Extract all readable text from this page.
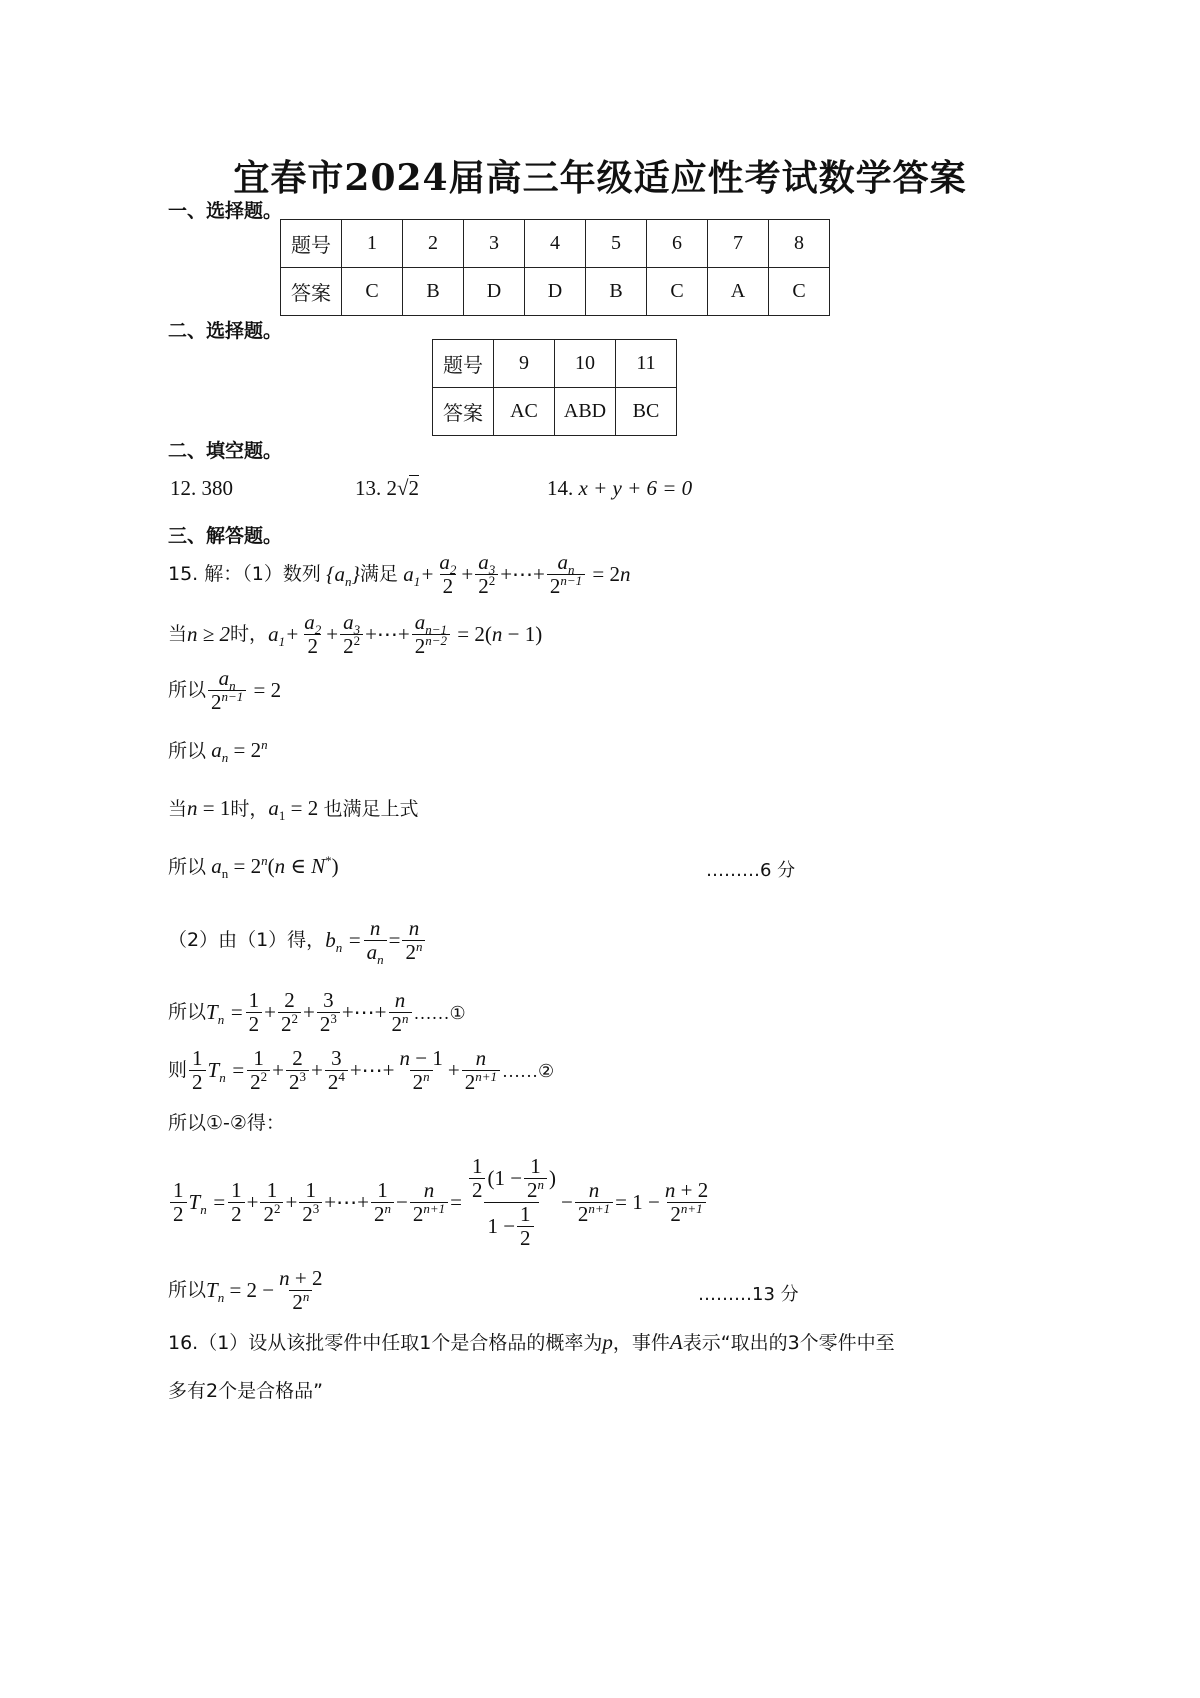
宜春市2024届高三年级适应性考试数学答案
一、选择题。
题号	1	2	3	4	5	6	7	8
答案	C	B	D	D	B	C	A	C
二、选择题。
题号	9	10	11
答案	AC	ABD	BC
二、填空题。
12. 380	13. 2√2	14. x + y + 6 = 0
三、解答题。
15. 解：（1）数列 $\{a_n\}$ 满足 $a_1+ \frac{a_2}{2} + \frac{a_3}{2^2}$ +⋯+ $\frac{a_n}{2^{n-1}} = 2n$
当 n ≥ 2 时， $a_1+ \frac{a_2}{2} + \frac{a_3}{2^2}$ +⋯+ $\frac{a_{n-1}}{2^{n-2}} = 2(n - 1)$
所以 $\frac{a_n}{2^{n-1}} = 2$
所以 $a_n = 2^n$
当n = 1时，$a_1 = 2$ 也满足上式
所以 $a_n = 2^n(n$ ∈ N*)	………6 分
（2）由（1）得， $b_n = \frac{n}{a_n} = \frac{n}{2^n}$
所以 $T_n = \frac{1}{2} + \frac{2}{2^2} + \frac{3}{2^3}$ +⋯+ $\frac{n}{2^n}$ ……①
则 $\frac{1}{2} T_n = \frac{1}{2^2} + \frac{2}{2^3} + \frac{3}{2^4}$ +⋯+ $\frac{n - 1}{2^n} + \frac{n}{2^{n+1}}$ ……②
所以①-②得：
$\frac{1}{2} T_n = \frac{1}{2} + \frac{1}{2^2} + \frac{1}{2^3}$ +⋯+ $\frac{1}{2^n} - \frac{n}{2^{n+1}} = \frac{\frac{1}{2} (1 - \frac{1}{2^n} )}{1 - \frac{1}{2}} - \frac{n}{2^{n+1}} = 1 - \frac{n + 2}{2^{n+1}}$
所以 $T_n = 2 - \frac{n + 2}{2^n}$	………13 分
16.（1）设从该批零件中任取1个是合格品的概率为p，事件A表示“取出的3个零件中至
多有2个是合格品”
